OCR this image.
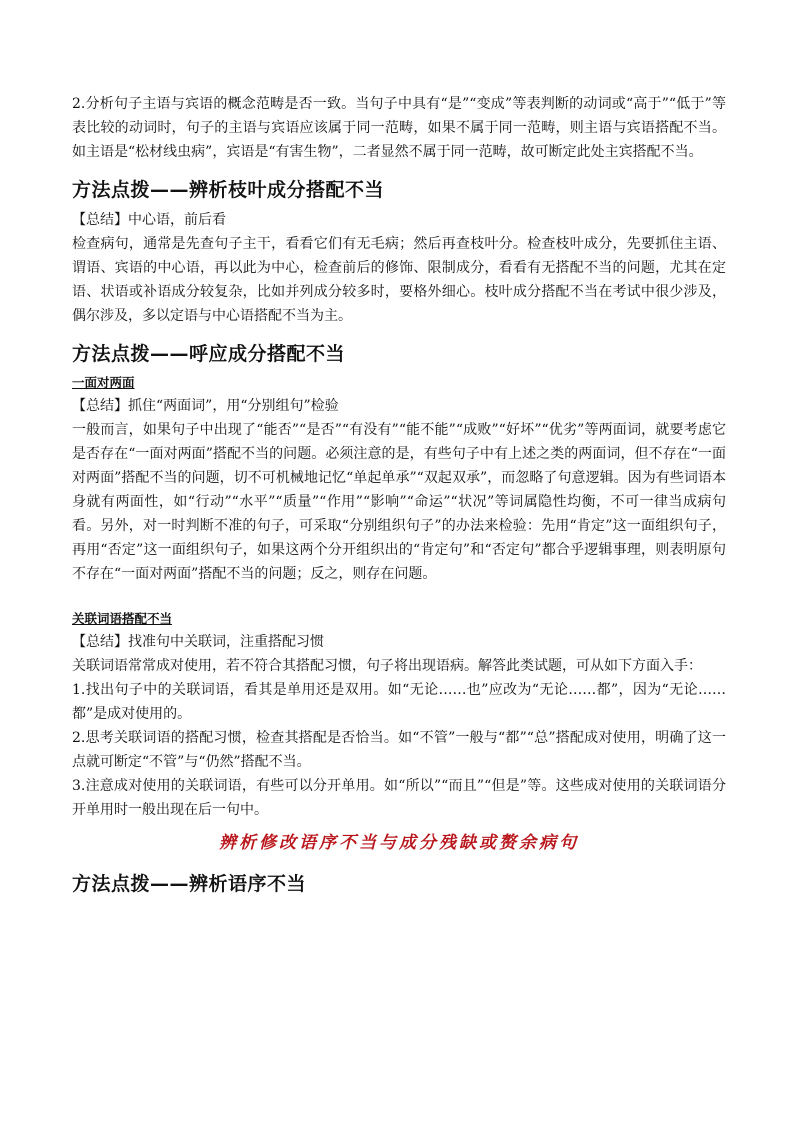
2.分析句子主语与宾语的概念范畴是否一致。当句子中具有“是”“变成”等表判断的动词或“高于”“低于”等表比较的动词时，句子的主语与宾语应该属于同一范畴，如果不属于同一范畴，则主语与宾语搭配不当。如主语是“松材线虫病”，宾语是“有害生物”，二者显然不属于同一范畴，故可断定此处主宾搭配不当。

方法点拨——辨析枝叶成分搭配不当

【总结】中心语，前后看

检查病句，通常是先查句子主干，看看它们有无毛病；然后再查枝叶分。检查枝叶成分，先要抓住主语、谓语、宾语的中心语，再以此为中心，检查前后的修饰、限制成分，看看有无搭配不当的问题，尤其在定语、状语或补语成分较复杂，比如并列成分较多时，要格外细心。枝叶成分搭配不当在考试中很少涉及，偶尔涉及，多以定语与中心语搭配不当为主。

方法点拨——呼应成分搭配不当
一面对两面

【总结】抓住“两面词”，用“分别组句”检验

一般而言，如果句子中出现了“能否”“是否”“有没有”“能不能”“成败”“好坏”“优劣”等两面词，就要考虑它是否存在“一面对两面”搭配不当的问题。必须注意的是，有些句子中有上述之类的两面词，但不存在“一面对两面”搭配不当的问题，切不可机械地记忆“单起单承”“双起双承”，而忽略了句意逻辑。因为有些词语本身就有两面性，如“行动”“水平”“质量”“作用”“影响”“命运”“状况”等词属隐性均衡，不可一律当成病句看。另外，对一时判断不准的句子，可采取“分别组织句子”的办法来检验：先用“肯定”这一面组织句子，再用“否定”这一面组织句子，如果这两个分开组织出的“肯定句”和“否定句”都合乎逻辑事理，则表明原句不存在“一面对两面”搭配不当的问题；反之，则存在问题。

关联词语搭配不当

【总结】找准句中关联词，注重搭配习惯

关联词语常常成对使用，若不符合其搭配习惯，句子将出现语病。解答此类试题，可从如下方面入手：

1.找出句子中的关联词语，看其是单用还是双用。如“无论……也”应改为“无论……都”，因为“无论……都”是成对使用的。

2.思考关联词语的搭配习惯，检查其搭配是否恰当。如“不管”一般与“都”“总”搭配成对使用，明确了这一点就可断定“不管”与“仍然”搭配不当。

3.注意成对使用的关联词语，有些可以分开单用。如“所以”“而且”“但是”等。这些成对使用的关联词语分开单用时一般出现在后一句中。

辨析修改语序不当与成分残缺或赘余病句
方法点拨——辨析语序不当
